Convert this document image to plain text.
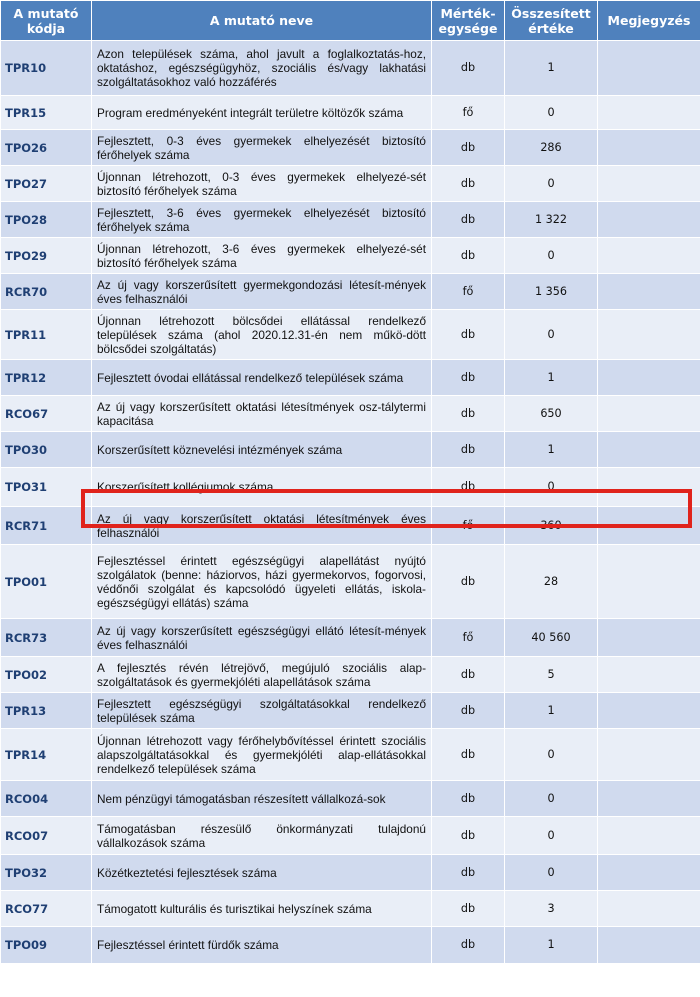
A mutató kódja	A mutató neve	Mérték-egysége	Összesített értéke	Megjegyzés
TPR10	Azon települések száma, ahol javult a foglalkoztatás-hoz, oktatáshoz, egészségügyhöz, szociális és/vagy lakhatási szolgáltatásokhoz való hozzáférés	db	1	
TPR15	Program eredményeként integrált területre költözők száma	fő	0	
TPO26	Fejlesztett, 0-3 éves gyermekek elhelyezését biztosító férőhelyek száma	db	286	
TPO27	Újonnan létrehozott, 0-3 éves gyermekek elhelyezé-sét biztosító férőhelyek száma	db	0	
TPO28	Fejlesztett, 3-6 éves gyermekek elhelyezését biztosító férőhelyek száma	db	1 322	
TPO29	Újonnan létrehozott, 3-6 éves gyermekek elhelyezé-sét biztosító férőhelyek száma	db	0	
RCR70	Az új vagy korszerűsített gyermekgondozási létesít-mények éves felhasználói	fő	1 356	
TPR11	Újonnan létrehozott bölcsődei ellátással rendelkező települések száma (ahol 2020.12.31-én nem műkö-dött bölcsődei szolgáltatás)	db	0	
TPR12	Fejlesztett óvodai ellátással rendelkező települések száma	db	1	
RCO67	Az új vagy korszerűsített oktatási létesítmények osz-tálytermi kapacitása	db	650	
TPO30	Korszerűsített köznevelési intézmények száma	db	1	
TPO31	Korszerűsített kollégiumok száma	db	0	
RCR71	Az új vagy korszerűsített oktatási létesítmények éves felhasználói	fő	360	
TPO01	Fejlesztéssel érintett egészségügyi alapellátást nyújtó szolgálatok (benne: háziorvos, házi gyermekorvos, fogorvosi, védőnői szolgálat és kapcsolódó ügyeleti ellátás, iskola-egészségügyi ellátás) száma	db	28	
RCR73	Az új vagy korszerűsített egészségügyi ellátó létesít-mények éves felhasználói	fő	40 560	
TPO02	A fejlesztés révén létrejövő, megújuló szociális alap-szolgáltatások és gyermekjóléti alapellátások száma	db	5	
TPR13	Fejlesztett egészségügyi szolgáltatásokkal rendelkező települések száma	db	1	
TPR14	Újonnan létrehozott vagy férőhelybővítéssel érintett szociális alapszolgáltatásokkal és gyermekjóléti alap-ellátásokkal rendelkező települések száma	db	0	
RCO04	Nem pénzügyi támogatásban részesített vállalkozá-sok	db	0	
RCO07	Támogatásban részesülő önkormányzati tulajdonú vállalkozások száma	db	0	
TPO32	Közétkeztetési fejlesztések száma	db	0	
RCO77	Támogatott kulturális és turisztikai helyszínek száma	db	3	
TPO09	Fejlesztéssel érintett fürdők száma	db	1	
